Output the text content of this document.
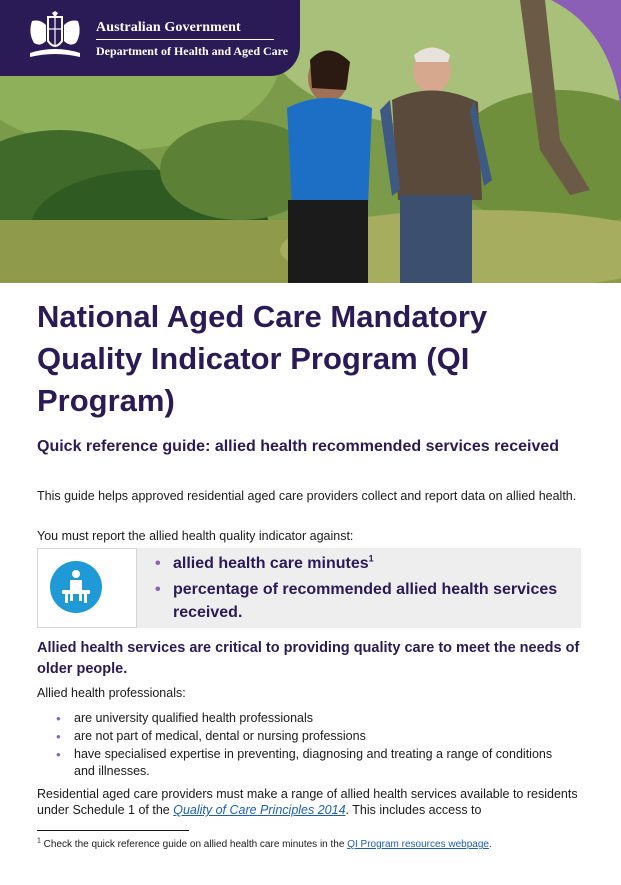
Australian Government
Department of Health and Aged Care
National Aged Care Mandatory Quality Indicator Program (QI Program)
Quick reference guide: allied health recommended services received

This guide helps approved residential aged care providers collect and report data on allied health.

You must report the allied health quality indicator against:

• allied health care minutes$^1$
• percentage of recommended allied health services received.
Allied health services are critical to providing quality care to meet the needs of older people.

Allied health professionals:

● are university qualified health professionals
● are not part of medical, dental or nursing professions
● have specialised expertise in preventing, diagnosing and treating a range of conditions and illnesses.

Residential aged care providers must make a range of allied health services available to residents under Schedule 1 of the Quality of Care Principles 2014. This includes access to

$^1$ Check the quick reference guide on allied health care minutes in the QI Program resources webpage.
